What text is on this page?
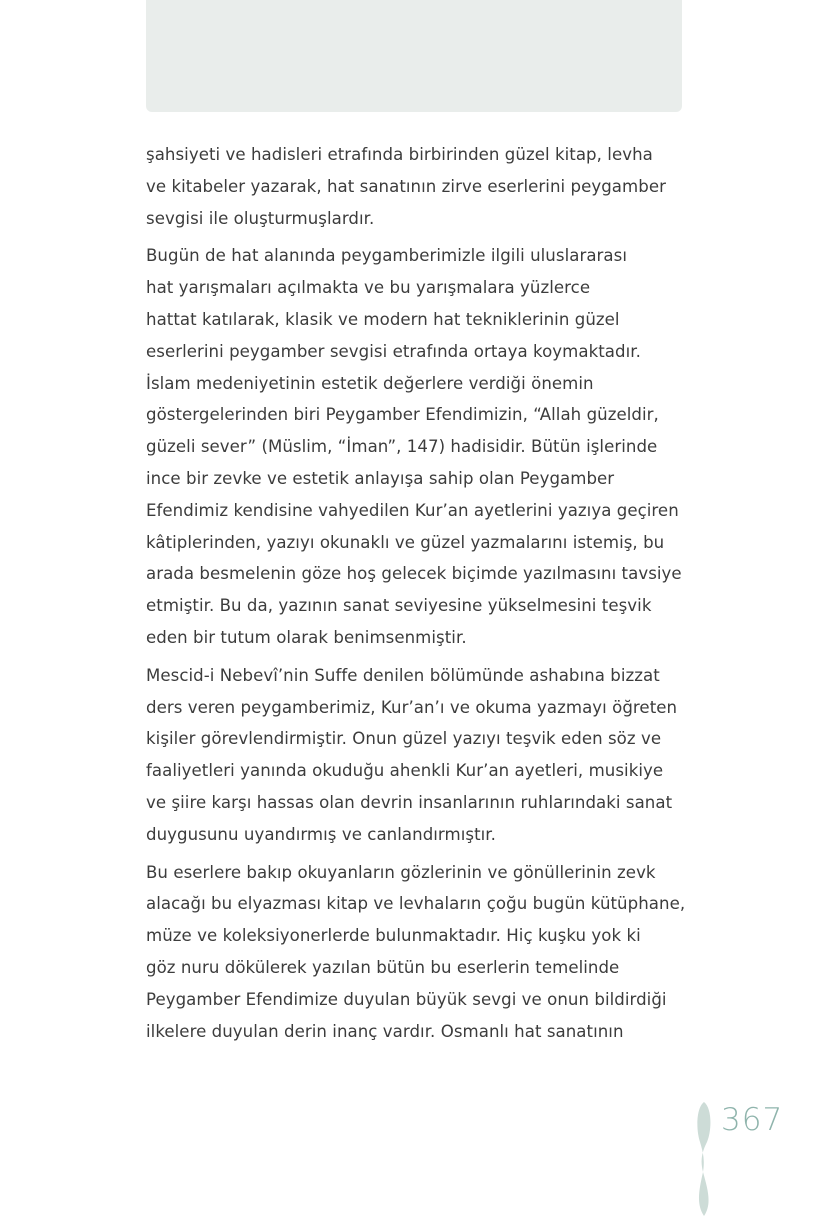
şahsiyeti ve hadisleri etrafında birbirinden güzel kitap, levha
ve kitabeler yazarak, hat sanatının zirve eserlerini peygamber
sevgisi ile oluşturmuşlardır.

Bugün de hat alanında peygamberimizle ilgili uluslararası
hat yarışmaları açılmakta ve bu yarışmalara yüzlerce
hattat katılarak, klasik ve modern hat tekniklerinin güzel
eserlerini peygamber sevgisi etrafında ortaya koymaktadır.
İslam medeniyetinin estetik değerlere verdiği önemin
göstergelerinden biri Peygamber Efendimizin, “Allah güzeldir,
güzeli sever” (Müslim, “İman”, 147) hadisidir. Bütün işlerinde
ince bir zevke ve estetik anlayışa sahip olan Peygamber
Efendimiz kendisine vahyedilen Kur’an ayetlerini yazıya geçiren
kâtiplerinden, yazıyı okunaklı ve güzel yazmalarını istemiş, bu
arada besmelenin göze hoş gelecek biçimde yazılmasını tavsiye
etmiştir. Bu da, yazının sanat seviyesine yükselmesini teşvik
eden bir tutum olarak benimsenmiştir.

Mescid-i Nebevî’nin Suffe denilen bölümünde ashabına bizzat
ders veren peygamberimiz, Kur’an’ı ve okuma yazmayı öğreten
kişiler görevlendirmiştir. Onun güzel yazıyı teşvik eden söz ve
faaliyetleri yanında okuduğu ahenkli Kur’an ayetleri, musikiye
ve şiire karşı hassas olan devrin insanlarının ruhlarındaki sanat
duygusunu uyandırmış ve canlandırmıştır.

Bu eserlere bakıp okuyanların gözlerinin ve gönüllerinin zevk
alacağı bu elyazması kitap ve levhaların çoğu bugün kütüphane,
müze ve koleksiyonerlerde bulunmaktadır. Hiç kuşku yok ki
göz nuru dökülerek yazılan bütün bu eserlerin temelinde
Peygamber Efendimize duyulan büyük sevgi ve onun bildirdiği
ilkelere duyulan derin inanç vardır. Osmanlı hat sanatının

367
